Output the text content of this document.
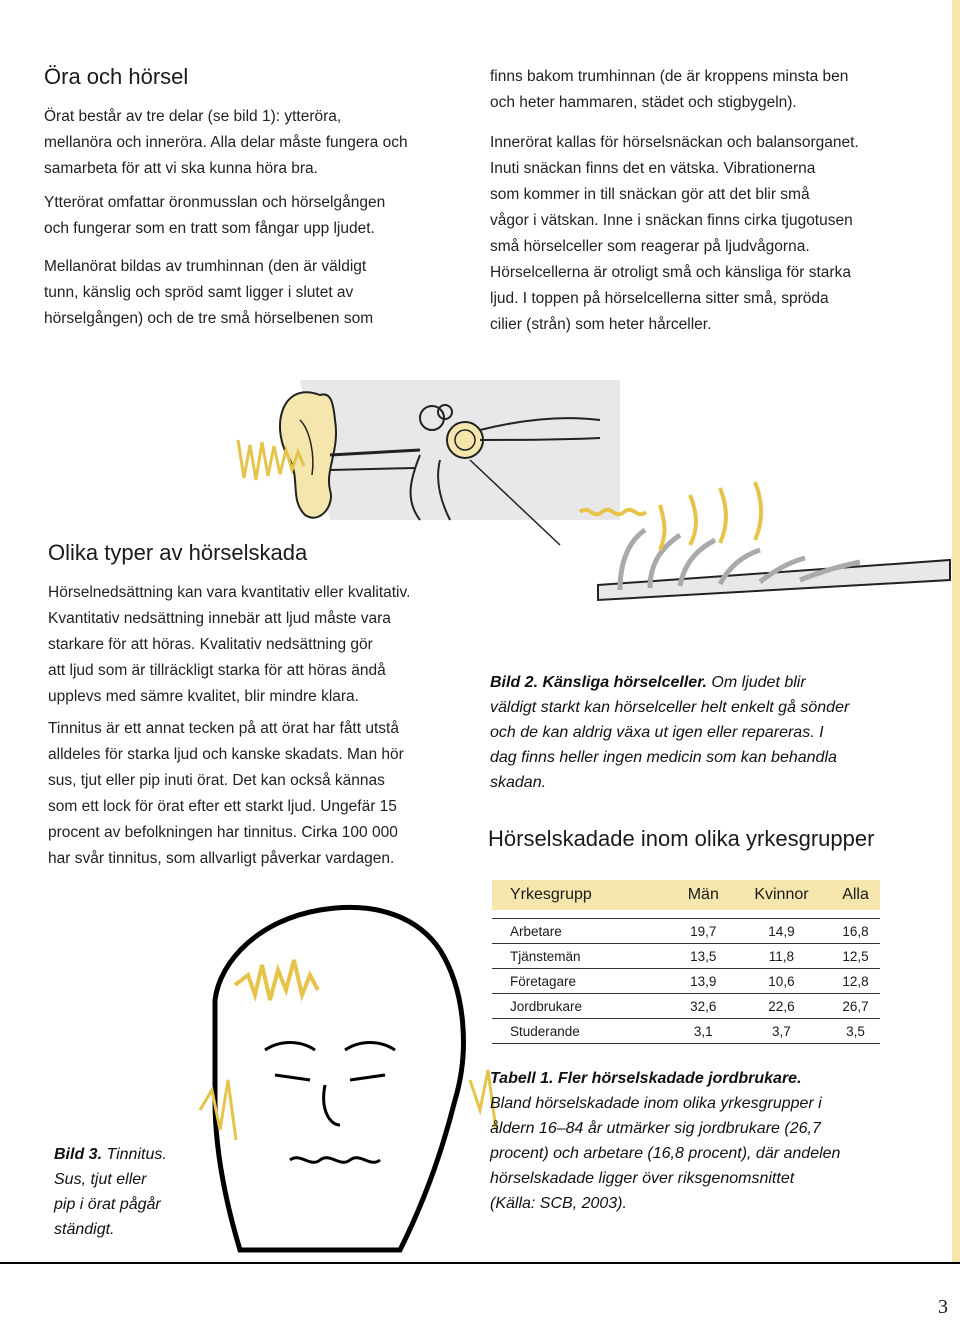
Öra och hörsel

Örat består av tre delar (se bild 1): ytteröra,
mellanöra och inneröra. Alla delar måste fungera och
samarbeta för att vi ska kunna höra bra.

Ytterörat omfattar öronmusslan och hörselgången
och fungerar som en tratt som fångar upp ljudet.

Mellanörat bildas av trumhinnan (den är väldigt
tunn, känslig och spröd samt ligger i slutet av
hörselgången) och de tre små hörselbenen som

finns bakom trumhinnan (de är kroppens minsta ben
och heter hammaren, städet och stigbygeln).

Innerörat kallas för hörselsnäckan och balansorganet.
Inuti snäckan finns det en vätska. Vibrationerna
som kommer in till snäckan gör att det blir små
vågor i vätskan. Inne i snäckan finns cirka tjugotusen
små hörselceller som reagerar på ljudvågorna.
Hörselcellerna är otroligt små och känsliga för starka
ljud. I toppen på hörselcellerna sitter små, spröda
cilier (strån) som heter hårceller.

Olika typer av hörselskada

Hörselnedsättning kan vara kvantitativ eller kvalitativ.
Kvantitativ nedsättning innebär att ljud måste vara
starkare för att höras. Kvalitativ nedsättning gör
att ljud som är tillräckligt starka för att höras ändå
upplevs med sämre kvalitet, blir mindre klara.

Tinnitus är ett annat tecken på att örat har fått utstå
alldeles för starka ljud och kanske skadats. Man hör
sus, tjut eller pip inuti örat. Det kan också kännas
som ett lock för örat efter ett starkt ljud. Ungefär 15
procent av befolkningen har tinnitus. Cirka 100 000
har svår tinnitus, som allvarligt påverkar vardagen.

Bild 2. Känsliga hörselceller. Om ljudet blir
väldigt starkt kan hörselceller helt enkelt gå sönder
och de kan aldrig växa ut igen eller repareras. I
dag finns heller ingen medicin som kan behandla
skadan.

Hörselskadade inom olika yrkesgrupper
Yrkesgrupp	Män	Kvinnor	Alla

Arbetare	19,7	14,9	16,8
Tjänstemän	13,5	11,8	12,5
Företagare	13,9	10,6	12,8
Jordbrukare	32,6	22,6	26,7
Studerande	3,1	3,7	3,5

Tabell 1. Fler hörselskadade jordbrukare.
Bland hörselskadade inom olika yrkesgrupper i
åldern 16–84 år utmärker sig jordbrukare (26,7
procent) och arbetare (16,8 procent), där andelen
hörselskadade ligger över riksgenomsnittet
(Källa: SCB, 2003).

Bild 3. Tinnitus.
Sus, tjut eller
pip i örat pågår
ständigt.

3
